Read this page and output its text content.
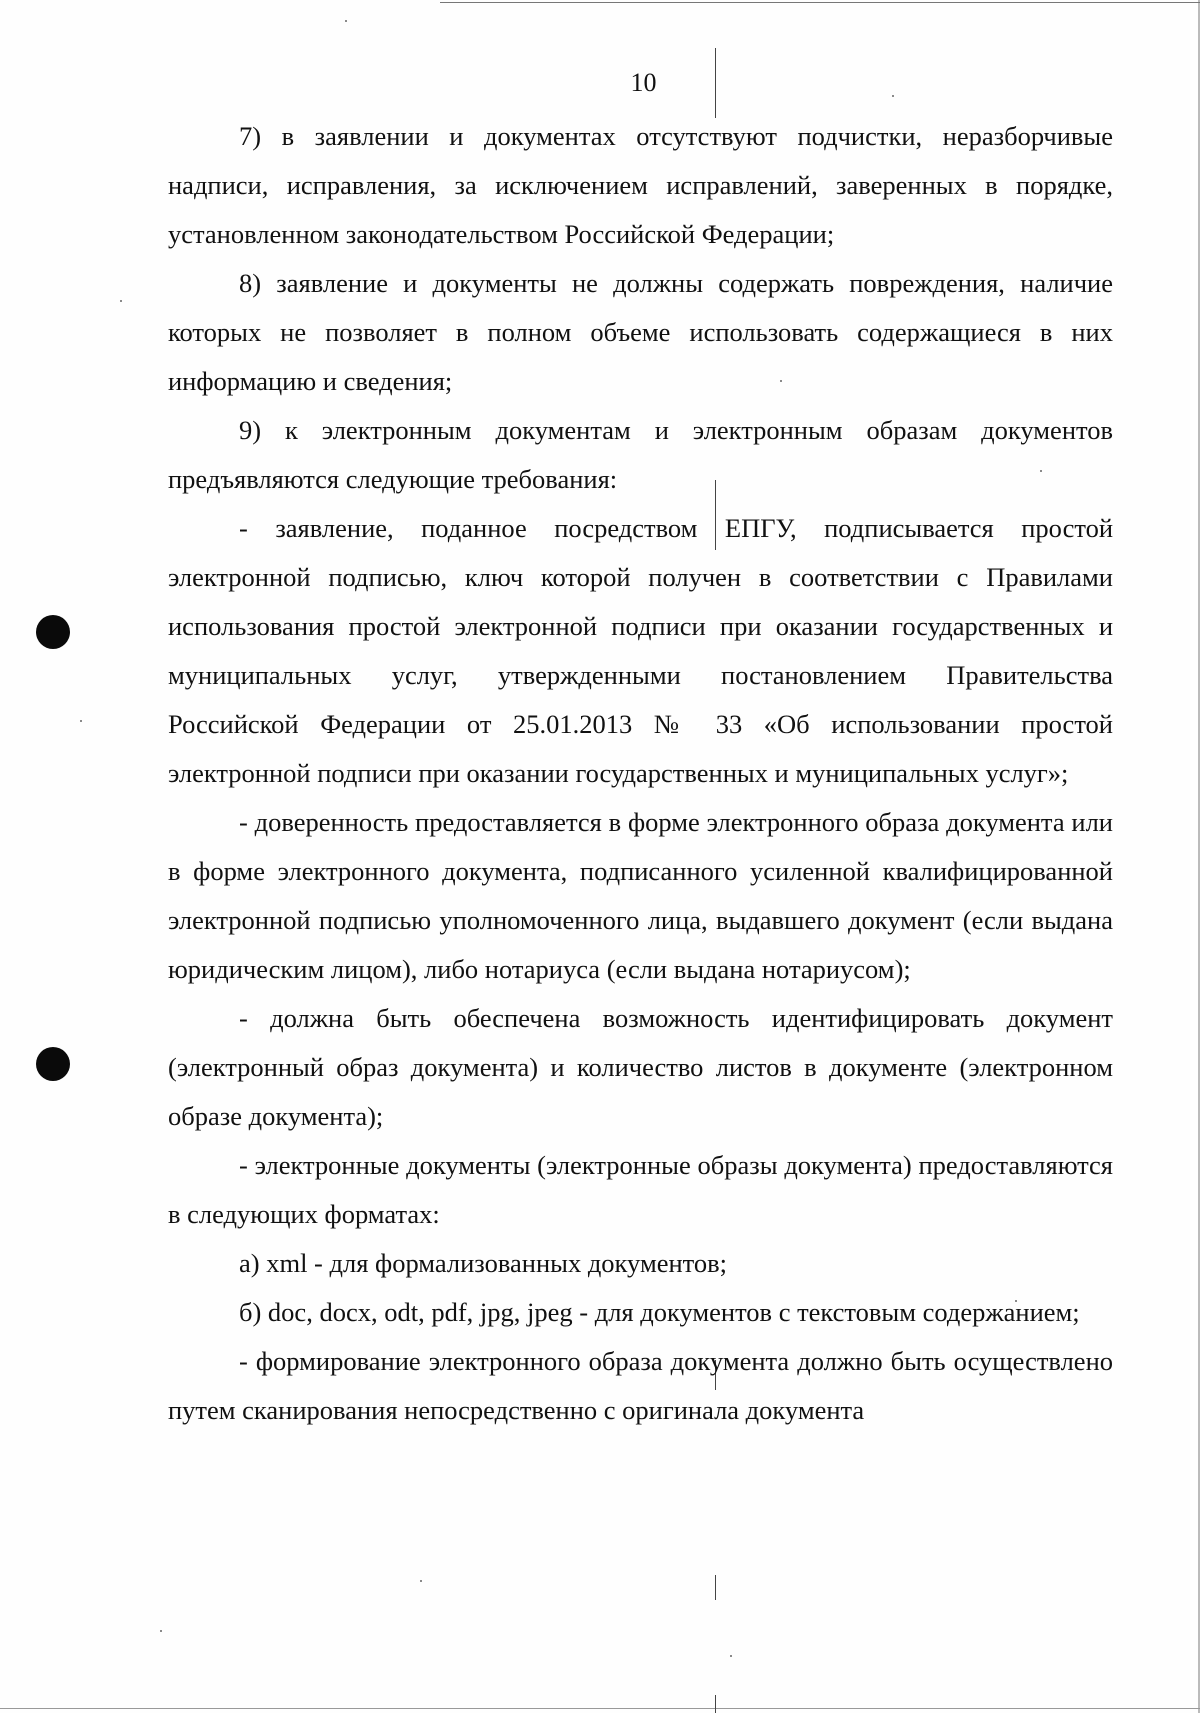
10

7) в заявлении и документах отсутствуют подчистки, неразборчивые надписи, исправления, за исключением исправлений, заверенных в порядке, установленном законодательством Российской Федерации;

8) заявление и документы не должны содержать повреждения, наличие которых не позволяет в полном объеме использовать содержащиеся в них информацию и сведения;

9) к электронным документам и электронным образам документов предъявляются следующие требования:

- заявление, поданное посредством ЕПГУ, подписывается простой электронной подписью, ключ которой получен в соответствии с Правилами использования простой электронной подписи при оказании государственных и муниципальных услуг, утвержденными постановлением Правительства Российской Федерации от 25.01.2013 № 33 «Об использовании простой электронной подписи при оказании государственных и муниципальных услуг»;

- доверенность предоставляется в форме электронного образа документа или в форме электронного документа, подписанного усиленной квалифицированной электронной подписью уполномоченного лица, выдавшего документ (если выдана юридическим лицом), либо нотариуса (если выдана нотариусом);

- должна быть обеспечена возможность идентифицировать документ (электронный образ документа) и количество листов в документе (электронном образе документа);

- электронные документы (электронные образы документа) предоставляются в следующих форматах:

а) xml - для формализованных документов;

б) doc, docx, odt, pdf, jpg, jpeg - для документов с текстовым содержанием;

- формирование электронного образа документа должно быть осуществлено путем сканирования непосредственно с оригинала документа
